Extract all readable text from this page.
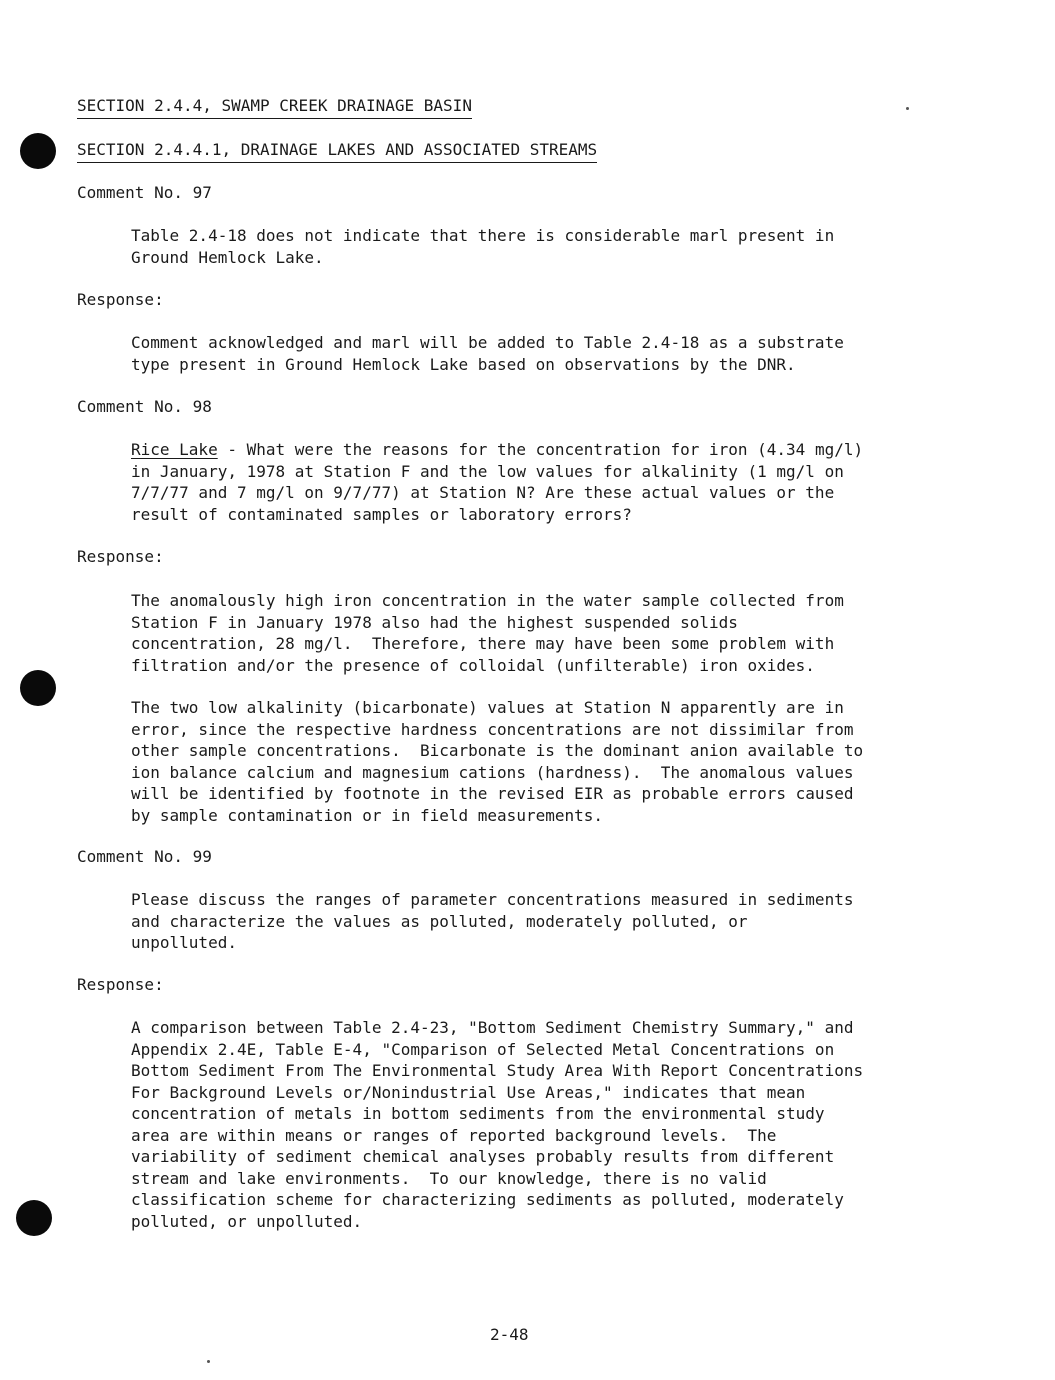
SECTION 2.4.4, SWAMP CREEK DRAINAGE BASIN
SECTION 2.4.4.1, DRAINAGE LAKES AND ASSOCIATED STREAMS

Comment No. 97

Table 2.4-18 does not indicate that there is considerable marl present in
Ground Hemlock Lake.

Response:

Comment acknowledged and marl will be added to Table 2.4-18 as a substrate
type present in Ground Hemlock Lake based on observations by the DNR.

Comment No. 98

Rice Lake - What were the reasons for the concentration for iron (4.34 mg/l)
in January, 1978 at Station F and the low values for alkalinity (1 mg/l on
7/7/77 and 7 mg/l on 9/7/77) at Station N? Are these actual values or the
result of contaminated samples or laboratory errors?

Response:

The anomalously high iron concentration in the water sample collected from
Station F in January 1978 also had the highest suspended solids
concentration, 28 mg/l.  Therefore, there may have been some problem with
filtration and/or the presence of colloidal (unfilterable) iron oxides.

The two low alkalinity (bicarbonate) values at Station N apparently are in
error, since the respective hardness concentrations are not dissimilar from
other sample concentrations.  Bicarbonate is the dominant anion available to
ion balance calcium and magnesium cations (hardness).  The anomalous values
will be identified by footnote in the revised EIR as probable errors caused
by sample contamination or in field measurements.

Comment No. 99

Please discuss the ranges of parameter concentrations measured in sediments
and characterize the values as polluted, moderately polluted, or
unpolluted.

Response:

A comparison between Table 2.4-23, "Bottom Sediment Chemistry Summary," and
Appendix 2.4E, Table E-4, "Comparison of Selected Metal Concentrations on
Bottom Sediment From The Environmental Study Area With Report Concentrations
For Background Levels or/Nonindustrial Use Areas," indicates that mean
concentration of metals in bottom sediments from the environmental study
area are within means or ranges of reported background levels.  The
variability of sediment chemical analyses probably results from different
stream and lake environments.  To our knowledge, there is no valid
classification scheme for characterizing sediments as polluted, moderately
polluted, or unpolluted.

2-48
